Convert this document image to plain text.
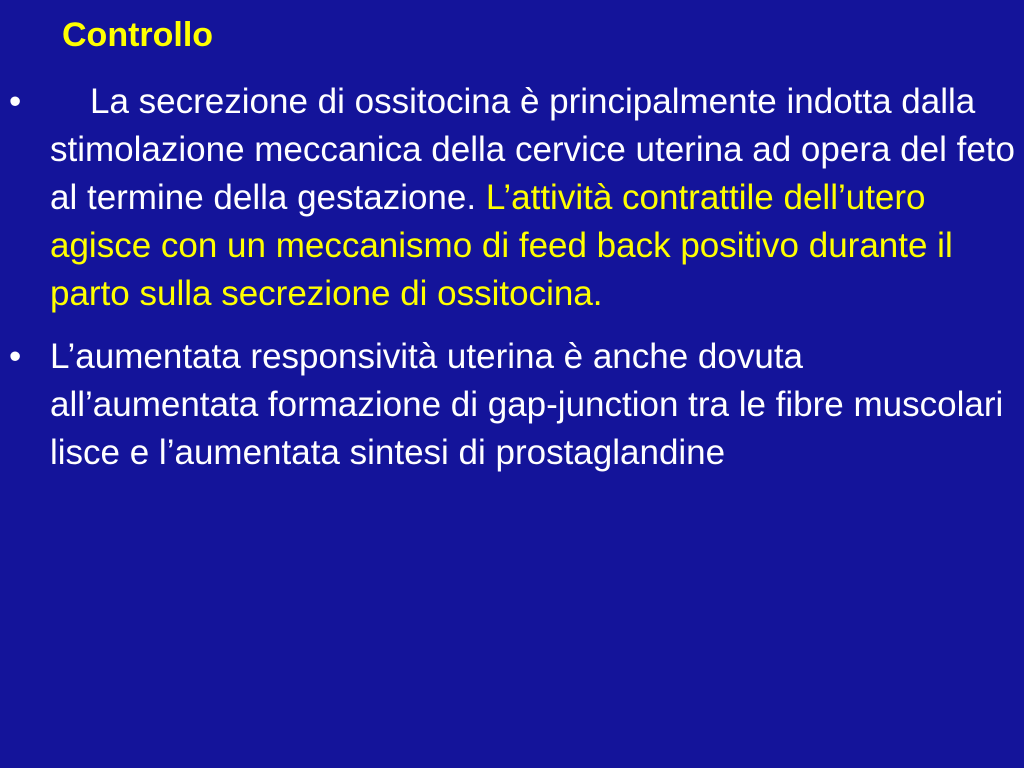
Controllo
• La secrezione di ossitocina è principalmente indotta dalla stimolazione meccanica della cervice uterina ad opera del feto al termine della gestazione. L’attività contrattile dell’utero agisce con un meccanismo di feed back positivo durante il parto sulla secrezione di ossitocina.
• L’aumentata responsività uterina è anche dovuta all’aumentata formazione di gap-junction tra le fibre muscolari lisce e l’aumentata sintesi di prostaglandine
